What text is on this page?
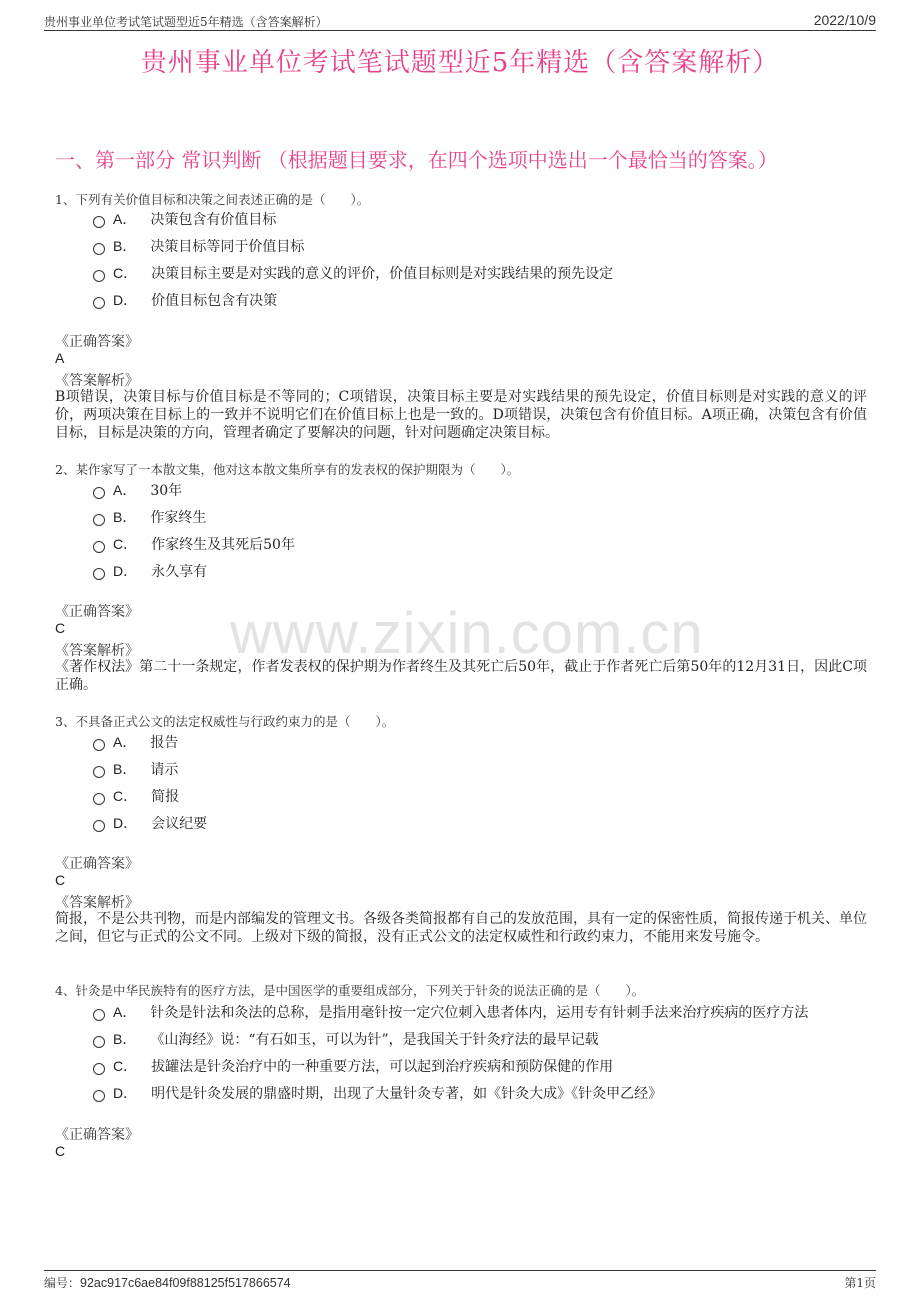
贵州事业单位考试笔试题型近5年精选（含答案解析）	2022/10/9
贵州事业单位考试笔试题型近5年精选（含答案解析）
一、第一部分 常识判断 （根据题目要求，在四个选项中选出一个最恰当的答案。）
www.zixin.com.cn
1、下列有关价值目标和决策之间表述正确的是（　　）。
A． 决策包含有价值目标
B． 决策目标等同于价值目标
C． 决策目标主要是对实践的意义的评价，价值目标则是对实践结果的预先设定
D． 价值目标包含有决策
《正确答案》
A
《答案解析》
B项错误，决策目标与价值目标是不等同的；C项错误，决策目标主要是对实践结果的预先设定，价值目标则是对实践的意义的评价，两项决策在目标上的一致并不说明它们在价值目标上也是一致的。D项错误，决策包含有价值目标。A项正确，决策包含有价值目标，目标是决策的方向，管理者确定了要解决的问题，针对问题确定决策目标。
2、某作家写了一本散文集，他对这本散文集所享有的发表权的保护期限为（　　）。
A． 30年
B． 作家终生
C． 作家终生及其死后50年
D． 永久享有
《正确答案》
C
《答案解析》
《著作权法》第二十一条规定，作者发表权的保护期为作者终生及其死亡后50年，截止于作者死亡后第50年的12月31日，因此C项正确。
3、不具备正式公文的法定权威性与行政约束力的是（　　）。
A． 报告
B． 请示
C． 简报
D． 会议纪要
《正确答案》
C
《答案解析》
简报，不是公共刊物，而是内部编发的管理文书。各级各类简报都有自己的发放范围，具有一定的保密性质，简报传递于机关、单位之间，但它与正式的公文不同。上级对下级的简报，没有正式公文的法定权威性和行政约束力，不能用来发号施令。
4、针灸是中华民族特有的医疗方法，是中国医学的重要组成部分，下列关于针灸的说法正确的是（　　）。
A． 针灸是针法和灸法的总称，是指用毫针按一定穴位刺入患者体内，运用专有针刺手法来治疗疾病的医疗方法
B． 《山海经》说：“有石如玉，可以为针”，是我国关于针灸疗法的最早记载
C． 拔罐法是针灸治疗中的一种重要方法，可以起到治疗疾病和预防保健的作用
D． 明代是针灸发展的鼎盛时期，出现了大量针灸专著，如《针灸大成》《针灸甲乙经》
《正确答案》
C
编号：92ac917c6ae84f09f88125f517866574	第1页
